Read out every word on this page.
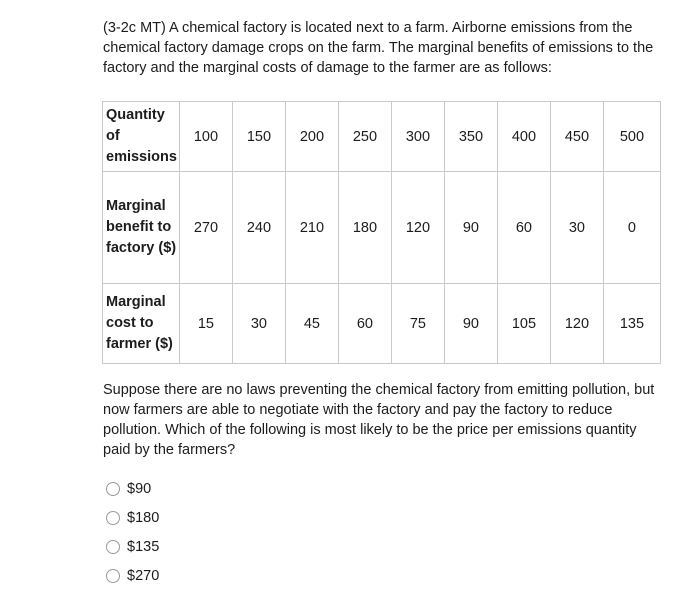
(3-2c MT) A chemical factory is located next to a farm. Airborne emissions from the chemical factory damage crops on the farm. The marginal benefits of emissions to the factory and the marginal costs of damage to the farmer are as follows:

Quantity of emissions	100	150	200	250	300	350	400	450	500
Marginal benefit to factory ($)	270	240	210	180	120	90	60	30	0
Marginal cost to farmer ($)	15	30	45	60	75	90	105	120	135

Suppose there are no laws preventing the chemical factory from emitting pollution, but now farmers are able to negotiate with the factory and pay the factory to reduce pollution. Which of the following is most likely to be the price per emissions quantity paid by the farmers?

$90
$180
$135
$270
